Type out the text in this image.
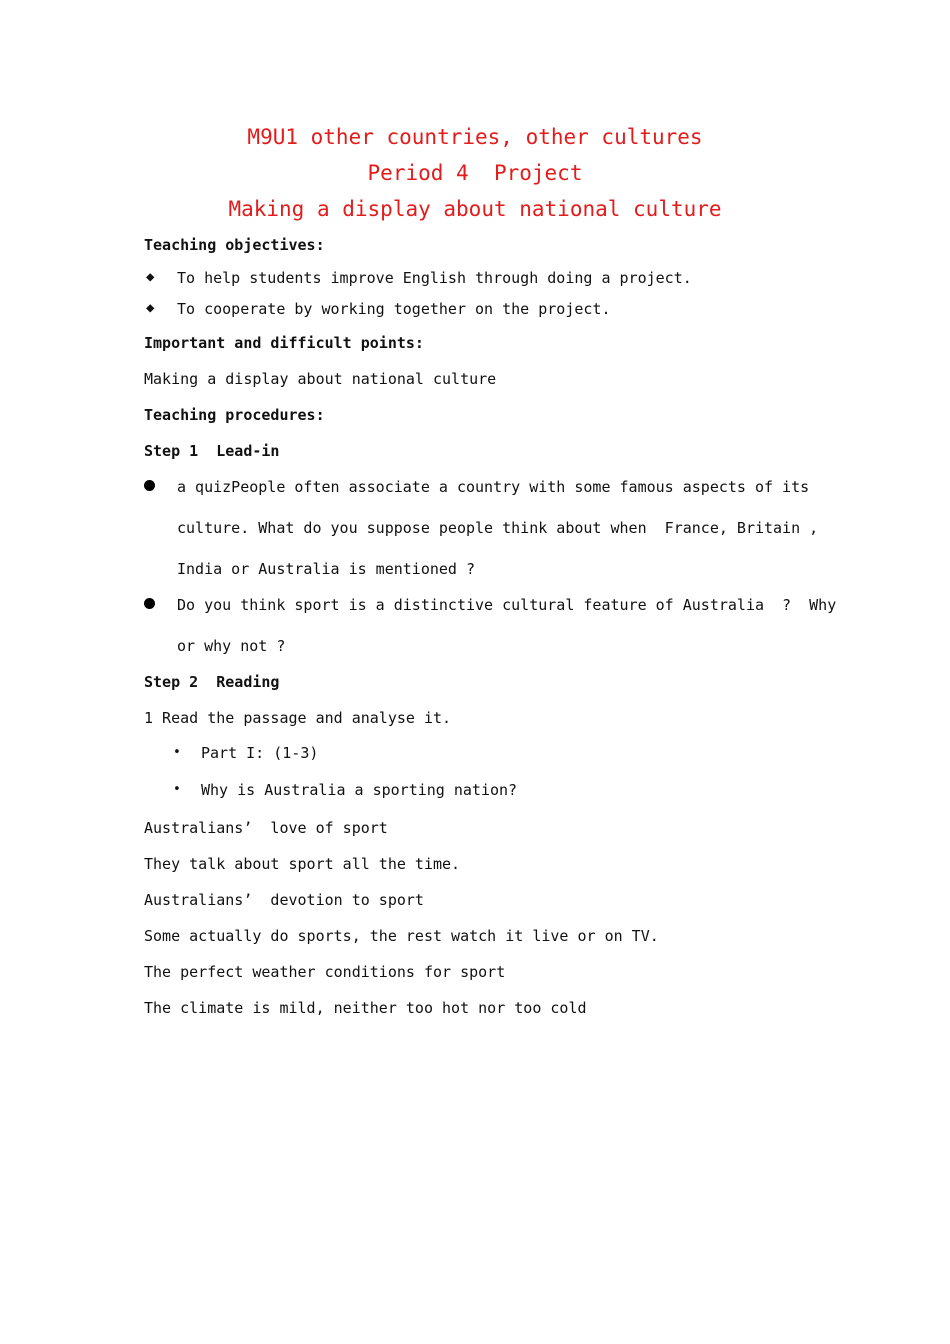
M9U1 other countries, other cultures
Period 4  Project
Making a display about national culture
Teaching objectives:
◆ To help students improve English through doing a project.
◆ To cooperate by working together on the project.
Important and difficult points:
Making a display about national culture
Teaching procedures:
Step 1  Lead-in
a quizPeople often associate a country with some famous aspects of its
culture. What do you suppose people think about when  France, Britain ,
India or Australia is mentioned ?
Do you think sport is a distinctive cultural feature of Australia  ?  Why
or why not ?
Step 2  Reading
1 Read the passage and analyse it.
• Part I: (1-3)
• Why is Australia a sporting nation?
Australians’  love of sport
They talk about sport all the time.
Australians’  devotion to sport
Some actually do sports, the rest watch it live or on TV.
The perfect weather conditions for sport
The climate is mild, neither too hot nor too cold
